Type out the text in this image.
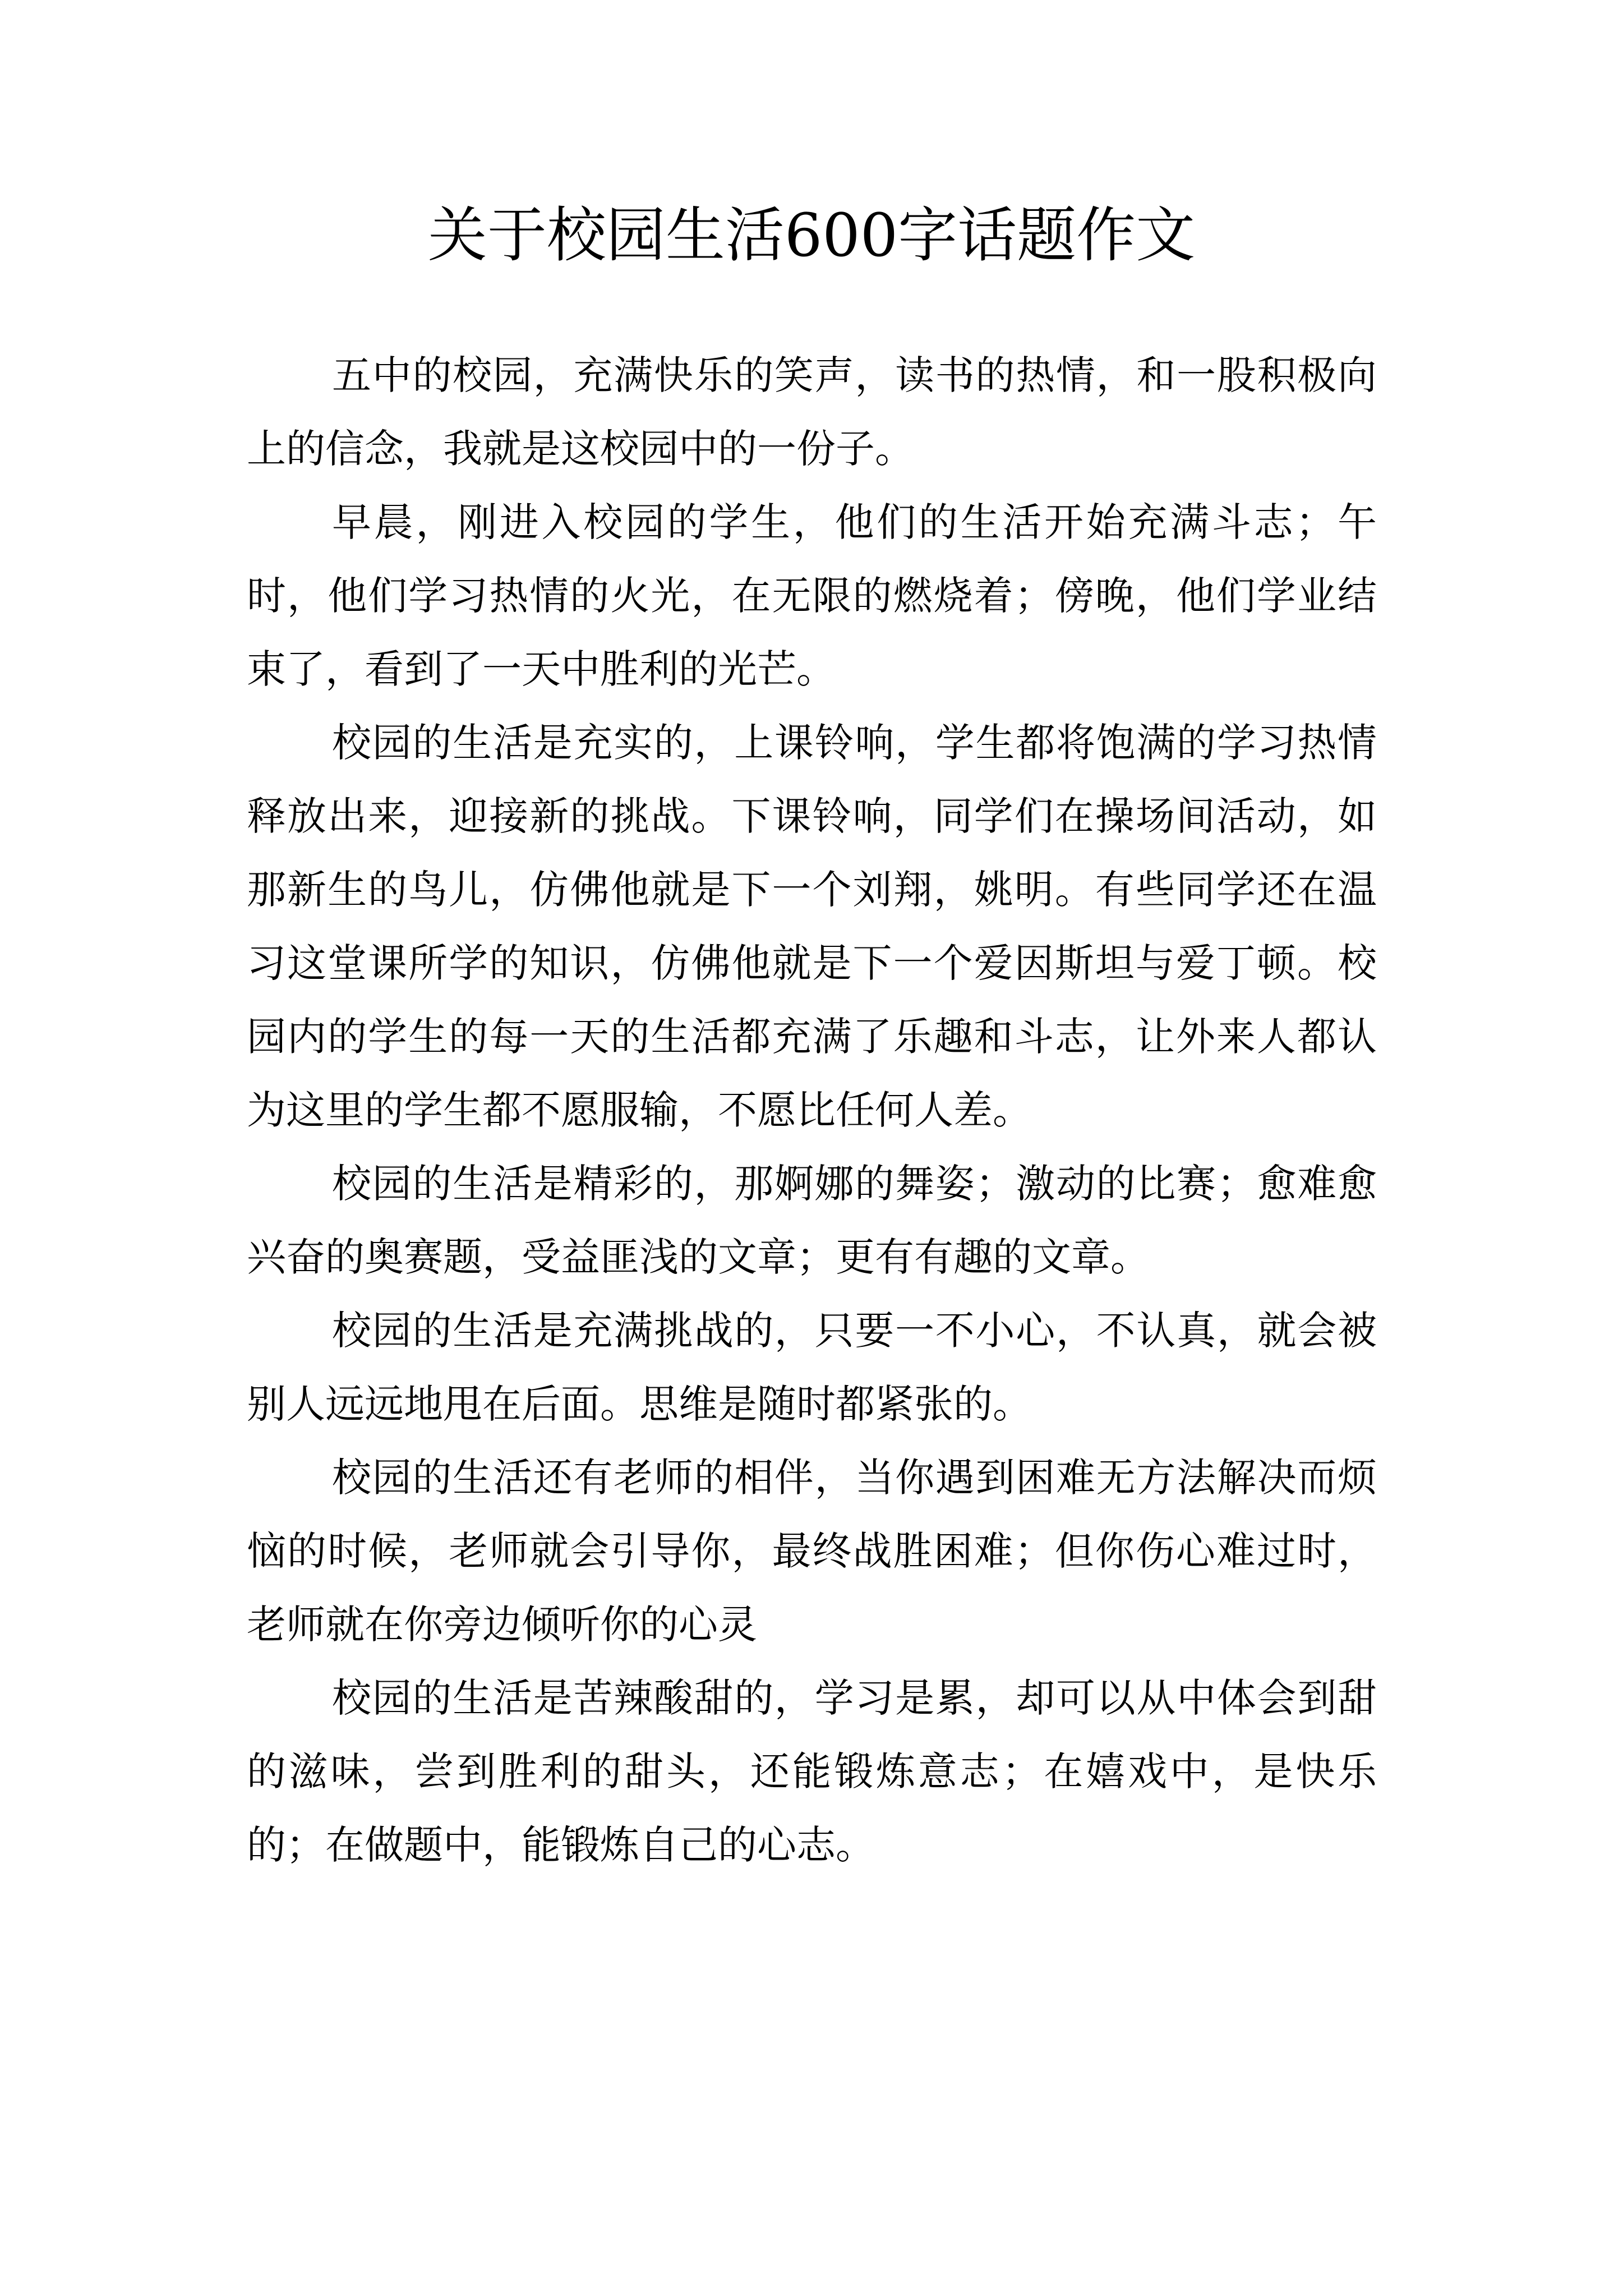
关于校园生活600字话题作文

五中的校园，充满快乐的笑声，读书的热情，和一股积极向上的信念，我就是这校园中的一份子。

早晨，刚进入校园的学生，他们的生活开始充满斗志；午时，他们学习热情的火光，在无限的燃烧着；傍晚，他们学业结束了，看到了一天中胜利的光芒。

校园的生活是充实的，上课铃响，学生都将饱满的学习热情释放出来，迎接新的挑战。下课铃响，同学们在操场间活动，如那新生的鸟儿，仿佛他就是下一个刘翔，姚明。有些同学还在温习这堂课所学的知识，仿佛他就是下一个爱因斯坦与爱丁顿。校园内的学生的每一天的生活都充满了乐趣和斗志，让外来人都认为这里的学生都不愿服输，不愿比任何人差。

校园的生活是精彩的，那婀娜的舞姿；激动的比赛；愈难愈兴奋的奥赛题，受益匪浅的文章；更有有趣的文章。

校园的生活是充满挑战的，只要一不小心，不认真，就会被别人远远地甩在后面。思维是随时都紧张的。

校园的生活还有老师的相伴，当你遇到困难无方法解决而烦恼的时候，老师就会引导你，最终战胜困难；但你伤心难过时，老师就在你旁边倾听你的心灵

校园的生活是苦辣酸甜的，学习是累，却可以从中体会到甜的滋味，尝到胜利的甜头，还能锻炼意志；在嬉戏中，是快乐的；在做题中，能锻炼自己的心志。
